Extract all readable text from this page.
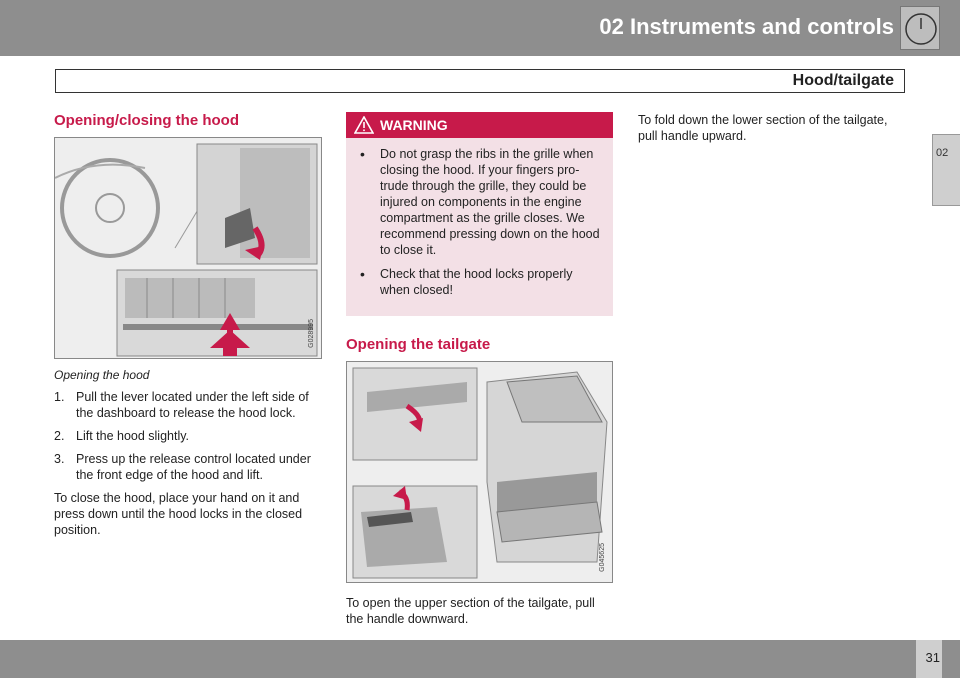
02 Instruments and controls
Hood/tailgate
02
Opening/closing the hood
G028995

Opening the hood

1. Pull the lever located under the left side of the dashboard to release the hood lock.
2. Lift the hood slightly.
3. Press up the release control located under the front edge of the hood and lift.

To close the hood, place your hand on it and press down until the hood locks in the closed position.

WARNING
• Do not grasp the ribs in the grille when closing the hood. If your fingers pro-trude through the grille, they could be injured on components in the engine compartment as the grille closes. We recommend pressing down on the hood to close it.
• Check that the hood locks properly when closed!
Opening the tailgate
G045625

To open the upper section of the tailgate, pull the handle downward.

To fold down the lower section of the tailgate, pull handle upward.

31
